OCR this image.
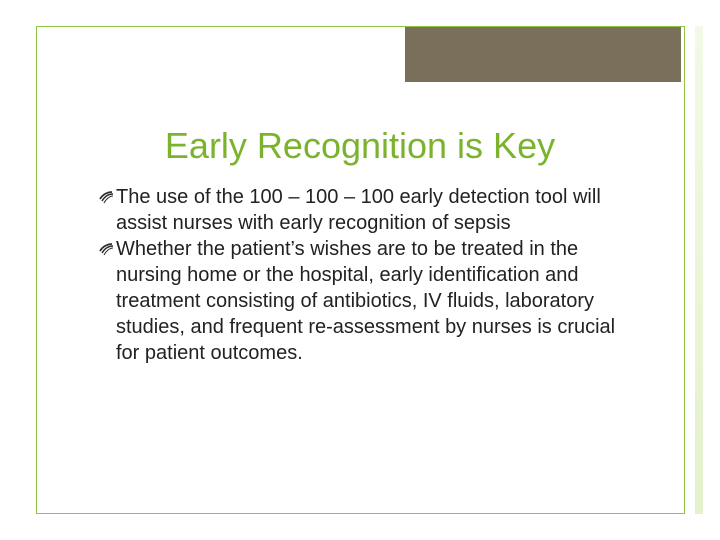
Early Recognition is Key

The use of the 100 – 100 – 100 early detection tool will assist nurses with early recognition of sepsis

Whether the patient’s wishes are to be treated in the nursing home or the hospital, early identification and treatment consisting of antibiotics, IV fluids, laboratory studies, and frequent re-assessment by nurses is crucial for patient outcomes.
